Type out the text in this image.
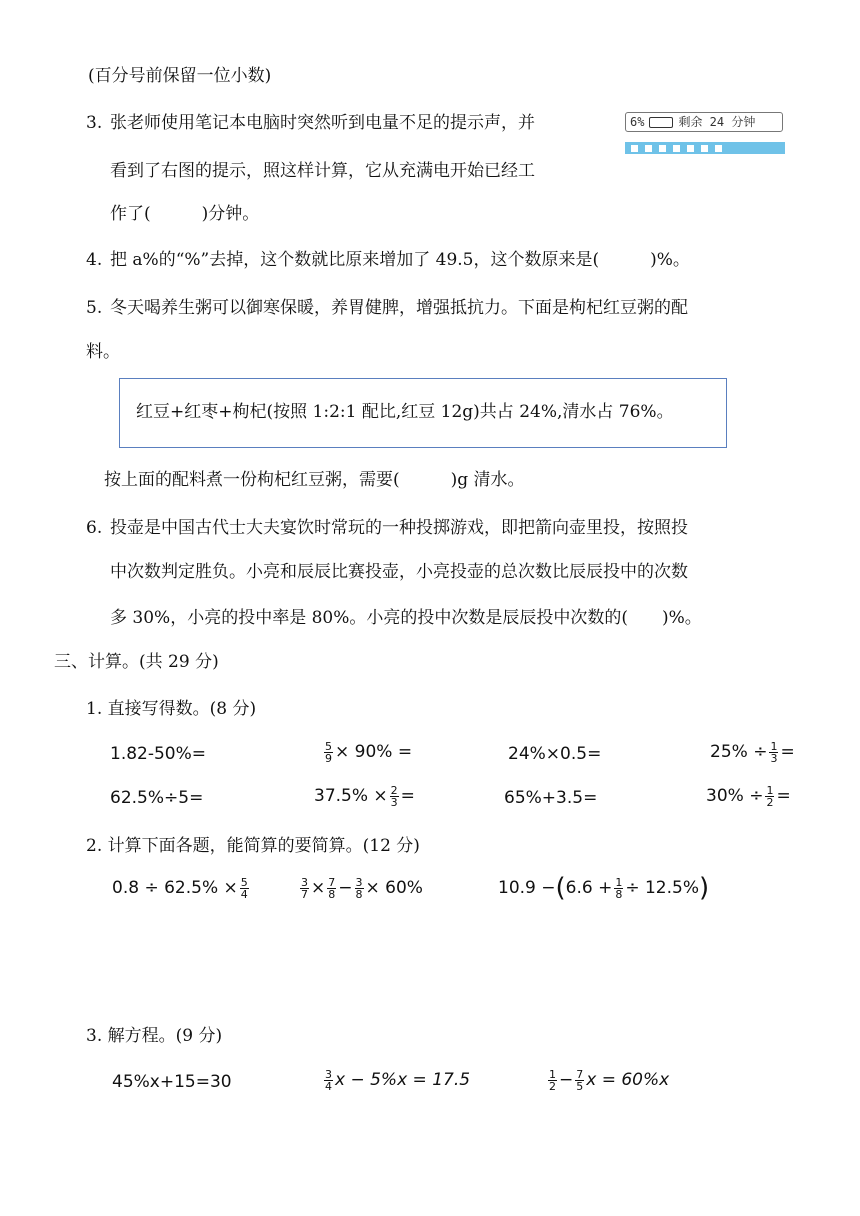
(百分号前保留一位小数)
3. 张老师使用笔记本电脑时突然听到电量不足的提示声，并
看到了右图的提示，照这样计算，它从充满电开始已经工
作了(　　　)分钟。
6%	剩余 24 分钟
4. 把 a%的“%”去掉，这个数就比原来增加了 49.5，这个数原来是(　　　)%。
5. 冬天喝养生粥可以御寒保暖，养胃健脾，增强抵抗力。下面是枸杞红豆粥的配
料。
红豆+红枣+枸杞(按照 1:2:1 配比,红豆 12g)共占 24%,清水占 76%。
按上面的配料煮一份枸杞红豆粥，需要(　　　)g 清水。
6. 投壶是中国古代士大夫宴饮时常玩的一种投掷游戏，即把箭向壶里投，按照投
中次数判定胜负。小亮和辰辰比赛投壶，小亮投壶的总次数比辰辰投中的次数
多 30%，小亮的投中率是 80%。小亮的投中次数是辰辰投中次数的(　　)%。
三、计算。(共 29 分)
1. 直接写得数。(8 分)
1.82-50%=	$\frac{5}{9} \times 90\%$ =	24%×0.5=	$25\% \div \frac{1}{3}$ =
62.5%÷5=	$37.5\% \times \frac{2}{3}$ =	65%+3.5=	$30\% \div \frac{1}{2}$ =
2. 计算下面各题，能简算的要简算。(12 分)
$0.8 \div 62.5\% \times \frac{5}{4}$	$\frac{3}{7} \times \frac{7}{8} - \frac{3}{8} \times 60\%$	$10.9 -(6.6 + \frac{1}{8} \div 12.5\%)$
3. 解方程。(9 分)
45%x+15=30	$\frac{3}{4}$ x − 5%x = 17.5	$\frac{1}{2} - \frac{7}{5}$ x = 60%x
